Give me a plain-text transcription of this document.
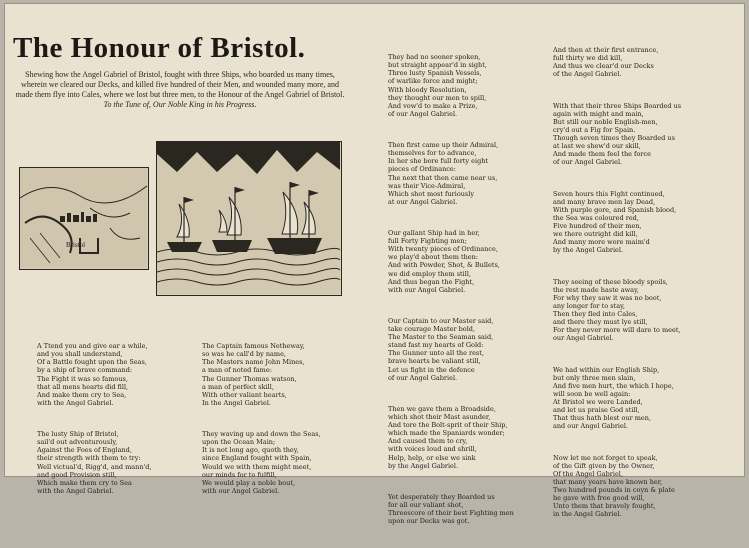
The Honour of Bristol.
Shewing how the Angel Gabriel of Bristol, fought with three Ships, who boarded us many times, wherein we cleared our Decks, and killed five hundred of their Men, and wounded many more, and made them flye into Cales, where we lost but three men, to the Honour of the Angel Gabriel of Bristol.
To the Tune of, Our Noble King in his Progress.
Bristol

A Ttend you and give ear a while,
and you shall understand,
Of a Battle fought upon the Seas,
by a ship of brave command:
The Fight it was so famous,
that all mens hearts did fill,
And make them cry to Sea,
with the Angel Gabriel.

The lusty Ship of Bristol,
sail'd out adventurously,
Against the Foes of England,
their strength with them to try:
Well victual'd, Rigg'd, and mann'd,
and good Provision still,
Which make them cry to Sea
with the Angel Gabriel.

The Captain famous Netheway,
so was he call'd by name,
The Masters name John Mines,
a man of noted fame:
The Gunner Thomas watson,
a man of perfect skill,
With other valiant hearts,
In the Angel Gabriel.

They waving up and down the Seas,
upon the Ocean Main;
It is not long ago, quoth they,
since England fought with Spain,
Would we with them might meet,
our minds for to fulfill,
We would play a noble bout,
with our Angel Gabriel.

They had no sooner spoken,
but straight appear'd in sight,
Three lusty Spanish Vessels,
of warlike force and might;
With bloody Resolution,
they thought our men to spill,
And vow'd to make a Prize,
of our Angel Gabriel.

Then first came up their Admiral,
themselves for to advance,
In her she bore full forty eight
pieces of Ordinance:
The next that then came near us,
was their Vice-Admiral,
Which shot most furiously
at our Angel Gabriel.

Our gallant Ship had in her,
full Forty Fighting men;
With twenty pieces of Ordinance,
we play'd about them then:
And with Powder, Shot, & Bullets,
we did employ them still,
And thus began the Fight,
with our Angel Gabriel.

Our Captain to our Master said,
take courage Master bold,
The Master to the Seaman said,
stand fast my hearts of Gold:
The Gunner unto all the rest,
brave hearts be valiant still,
Let us fight in the defence
of our Angel Gabriel.

Then we gave them a Broadside,
which shot their Mast asunder,
And tore the Bolt-sprit of their Ship,
which made the Spaniards wonder;
And caused them to cry,
with voices loud and shrill,
Help, help, or else we sink
by the Angel Gabriel.

Yet desperately they Boarded us
for all our valiant shot,
Threescore of their best Fighting men
upon our Decks was got.

And then at their first entrance,
full thirty we did kill,
And thus we clear'd our Decks
of the Angel Gabriel.

With that their three Ships Boarded us
again with might and main,
But still our noble English-men,
cry'd out a Fig for Spain.
Though seven times they Boarded us
at last we shew'd our skill,
And made them feel the force
of our Angel Gabriel.

Seven hours this Fight continued,
and many brave men lay Dead,
With purple gore, and Spanish blood,
the Sea was coloured red,
Five hundred of their men,
we there outright did kill,
And many more were maim'd
by the Angel Gabriel.

They seeing of these bloody spoils,
the rest made haste away,
For why they saw it was no boot,
any longer for to stay,
Then they fled into Cales,
and there they must lye still,
For they never more will dare to meet,
our Angel Gabriel.

We had within our English Ship,
but only three men slain,
And five men hurt, the which I hope,
will soon be well again:
At Bristol we were Landed,
and let us praise God still,
That thus hath blest our men,
and our Angel Gabriel.

Now let me not forget to speak,
of the Gift given by the Owner,
Of the Angel Gabriel,
that many years have known her,
Two hundred pounds in coyn & plate
he gave with free good will,
Unto them that bravely fought,
in the Angel Gabriel.
